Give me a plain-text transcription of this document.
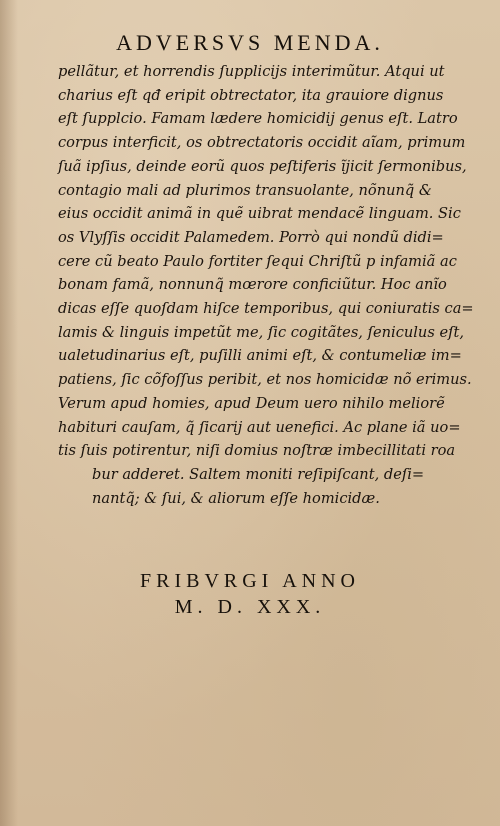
ADVERSVS MENDA.
pellãtur, et horrendis ſupplicijs interimũtur. Atqui ut
charius eſt qđ eripit obtrectator, ita grauiore dignus
eſt ſupplcio. Famam lædere homicidij genus eſt. Latro
corpus interficit, os obtrectatoris occidit aĩam, primum
ſuã ipſius, deinde eorũ quos peſtiferis ĩjicit ſermonibus,
contagio mali ad plurimos transuolante, nõnunq̃ &
eius occidit animã in quẽ uibrat mendacẽ linguam. Sic
os Vlyſſis occidit Palamedem. Porrò qui nondũ didi=
cere cũ beato Paulo fortiter ſequi Chriſtũ p infamiã ac
bonam famã, nonnunq̃ mœrore conficiũtur. Hoc anĩo
dicas eſſe quoſdam hiſce temporibus, qui coniuratis ca=
lamis & linguis impetũt me, ſic cogitãtes, ſeniculus eſt,
ualetudinarius eſt, puſilli animi eſt, & contumeliæ im=
patiens, ſic cõfoſſus peribit, et nos homicidæ nõ erimus.
Verum apud homies, apud Deum uero nihilo meliorẽ
habituri cauſam, q̃ ſicarij aut uenefici. Ac plane iã uo=
tis ſuis potirentur, niſi domius noſtræ imbecillitati roa
bur adderet. Saltem moniti reſipiſcant, deſi=
nantq̃; & ſui, & aliorum eſſe homicidæ.
FRIBVRGI ANNO
M. D. XXX.
